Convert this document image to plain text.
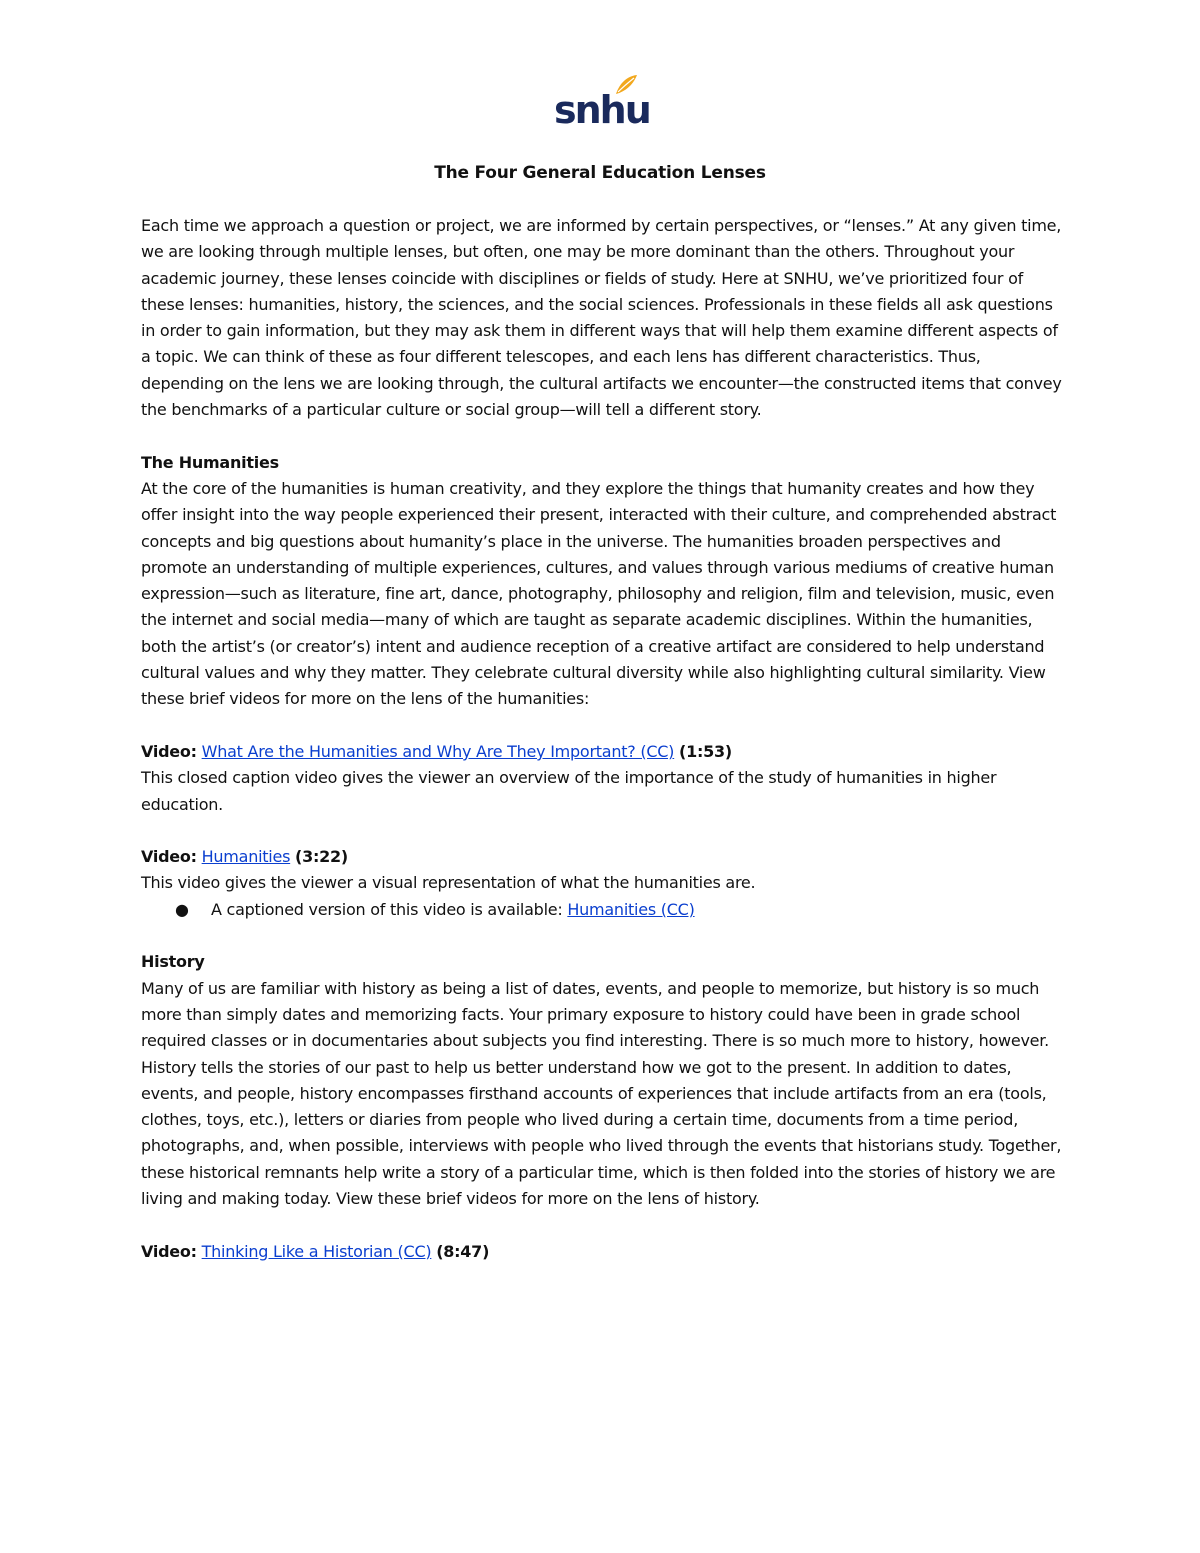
snhu
The Four General Education Lenses

Each time we approach a question or project, we are informed by certain perspectives, or “lenses.” At any given time, we are looking through multiple lenses, but often, one may be more dominant than the others. Throughout your academic journey, these lenses coincide with disciplines or fields of study. Here at SNHU, we’ve prioritized four of these lenses: humanities, history, the sciences, and the social sciences. Professionals in these fields all ask questions in order to gain information, but they may ask them in different ways that will help them examine different aspects of a topic. We can think of these as four different telescopes, and each lens has different characteristics. Thus, depending on the lens we are looking through, the cultural artifacts we encounter—the constructed items that convey the benchmarks of a particular culture or social group—will tell a different story.

The Humanities

At the core of the humanities is human creativity, and they explore the things that humanity creates and how they offer insight into the way people experienced their present, interacted with their culture, and comprehended abstract concepts and big questions about humanity’s place in the universe. The humanities broaden perspectives and promote an understanding of multiple experiences, cultures, and values through various mediums of creative human expression—such as literature, fine art, dance, photography, philosophy and religion, film and television, music, even the internet and social media—many of which are taught as separate academic disciplines. Within the humanities, both the artist’s (or creator’s) intent and audience reception of a creative artifact are considered to help understand cultural values and why they matter. They celebrate cultural diversity while also highlighting cultural similarity. View these brief videos for more on the lens of the humanities:

Video: What Are the Humanities and Why Are They Important? (CC) (1:53)

This closed caption video gives the viewer an overview of the importance of the study of humanities in higher education.

Video: Humanities (3:22)

This video gives the viewer a visual representation of what the humanities are.

● A captioned version of this video is available: Humanities (CC)

History

Many of us are familiar with history as being a list of dates, events, and people to memorize, but history is so much more than simply dates and memorizing facts. Your primary exposure to history could have been in grade school required classes or in documentaries about subjects you find interesting. There is so much more to history, however. History tells the stories of our past to help us better understand how we got to the present. In addition to dates, events, and people, history encompasses firsthand accounts of experiences that include artifacts from an era (tools, clothes, toys, etc.), letters or diaries from people who lived during a certain time, documents from a time period, photographs, and, when possible, interviews with people who lived through the events that historians study. Together, these historical remnants help write a story of a particular time, which is then folded into the stories of history we are living and making today. View these brief videos for more on the lens of history.

Video: Thinking Like a Historian (CC) (8:47)
